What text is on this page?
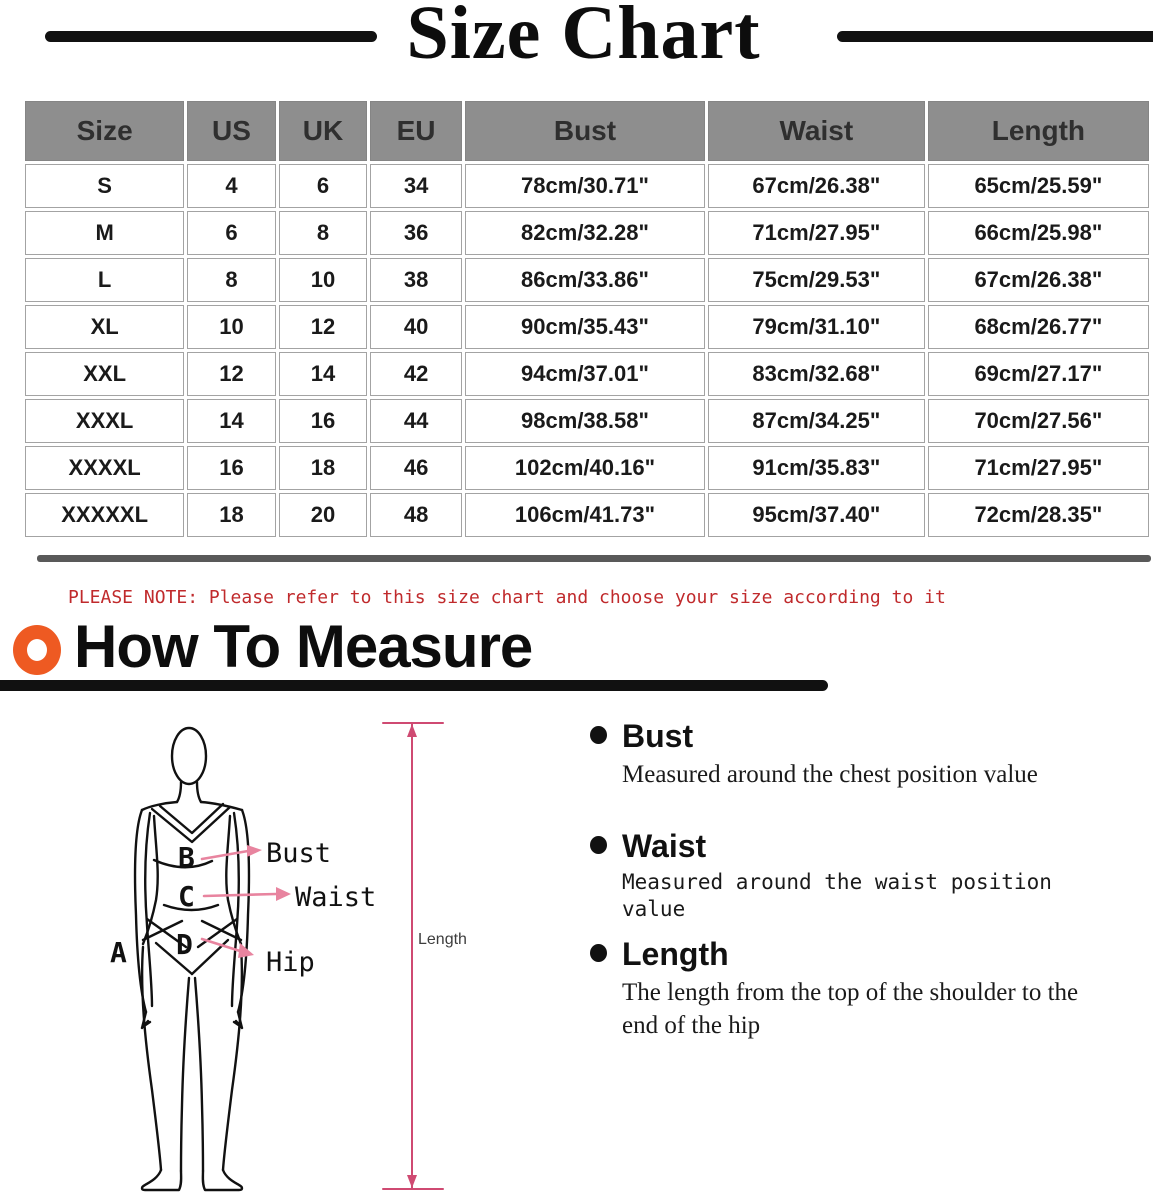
Size Chart
Size	US	UK	EU	Bust	Waist	Length
S	4	6	34	78cm/30.71"	67cm/26.38"	65cm/25.59"
M	6	8	36	82cm/32.28"	71cm/27.95"	66cm/25.98"
L	8	10	38	86cm/33.86"	75cm/29.53"	67cm/26.38"
XL	10	12	40	90cm/35.43"	79cm/31.10"	68cm/26.77"
XXL	12	14	42	94cm/37.01"	83cm/32.68"	69cm/27.17"
XXXL	14	16	44	98cm/38.58"	87cm/34.25"	70cm/27.56"
XXXXL	16	18	46	102cm/40.16"	91cm/35.83"	71cm/27.95"
XXXXXL	18	20	48	106cm/41.73"	95cm/37.40"	72cm/28.35"
PLEASE NOTE: Please refer to this size chart and choose your size according to it
How To Measure
A
B
C
D
Bust
Waist
Hip
Length
Bust
Measured around the chest position value
Waist
Measured around the waist position value
Length
The length from the top of the shoulder to the end of the hip
